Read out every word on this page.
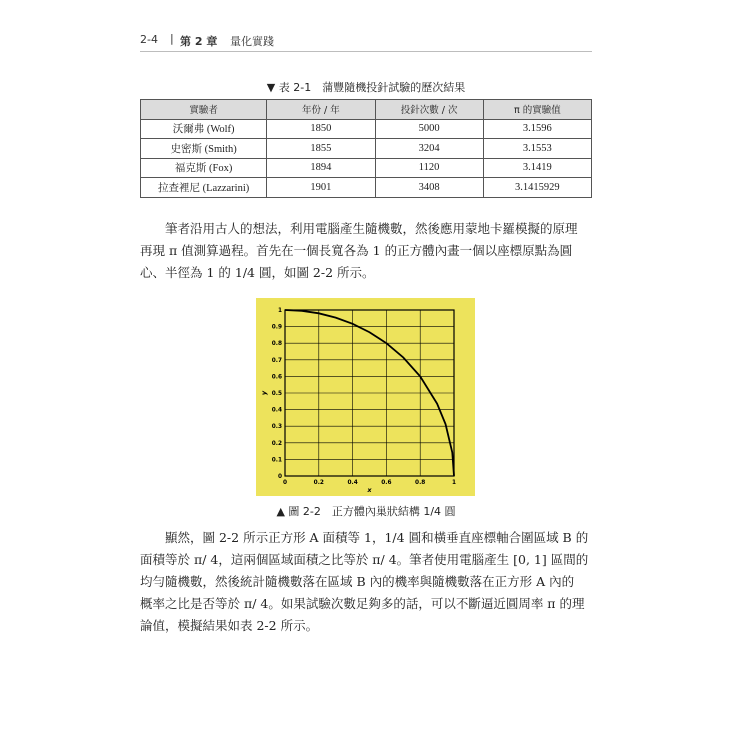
2-4 | 第 2 章 量化實踐
▼ 表 2-1　蒲豐隨機投針試驗的歷次結果
實驗者	年份 / 年	投針次數 / 次	π 的實驗值
沃爾弗 (Wolf)	1850	5000	3.1596
史密斯 (Smith)	1855	3204	3.1553
福克斯 (Fox)	1894	1120	3.1419
拉查裡尼 (Lazzarini)	1901	3408	3.1415929
筆者沿用古人的想法，利用電腦產生隨機數，然後應用蒙地卡羅模擬的原理
再現 π 值測算過程。首先在一個長寬各為 1 的正方體內畫一個以座標原點為圓
心、半徑為 1 的 1/4 圓，如圖 2-2 所示。
0	0.2	0.4	0.6	0.8	1
0
0.1
0.2
0.3
0.4
0.5
0.6
0.7
0.8
0.9
1
x
y
▲ 圖 2-2　正方體內巢狀結構 1/4 圓
顯然，圖 2-2 所示正方形 A 面積等 1，1/4 圓和橫垂直座標軸合圍區域 B 的
面積等於 π/ 4，這兩個區域面積之比等於 π/ 4。筆者使用電腦產生 [0, 1] 區間的
均勻隨機數，然後統計隨機數落在區域 B 內的機率與隨機數落在正方形 A 內的
概率之比是否等於 π/ 4。如果試驗次數足夠多的話，可以不斷逼近圓周率 π 的理
論值，模擬結果如表 2-2 所示。
